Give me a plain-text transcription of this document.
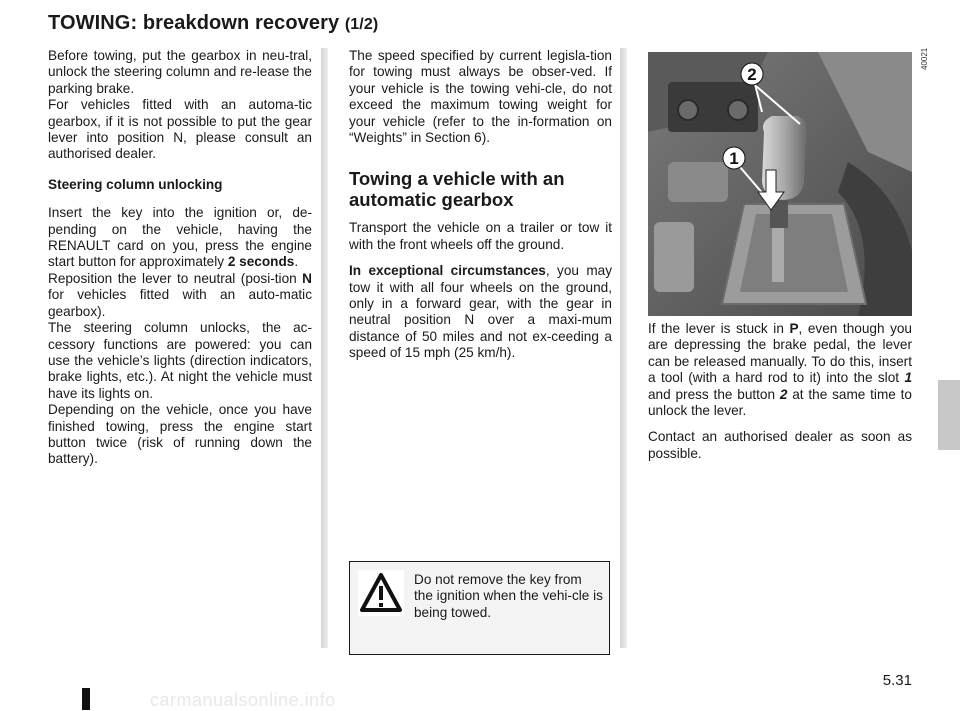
TOWING: breakdown recovery (1/2)

Before towing, put the gearbox in neu-tral, unlock the steering column and re-lease the parking brake.

For vehicles fitted with an automa-tic gearbox, if it is not possible to put the gear lever into position N, please consult an authorised dealer.

Steering column unlocking

Insert the key into the ignition or, de-pending on the vehicle, having the RENAULT card on you, press the engine start button for approximately 2 seconds.

Reposition the lever to neutral (posi-tion N for vehicles fitted with an auto-matic gearbox).

The steering column unlocks, the ac-cessory functions are powered: you can use the vehicle’s lights (direction indicators, brake lights, etc.). At night the vehicle must have its lights on.

Depending on the vehicle, once you have finished towing, press the engine start button twice (risk of running down the battery).

The speed specified by current legisla-tion for towing must always be obser-ved. If your vehicle is the towing vehi-cle, do not exceed the maximum towing weight for your vehicle (refer to the in-formation on “Weights” in Section 6).

Towing a vehicle with an automatic gearbox

Transport the vehicle on a trailer or tow it with the front wheels off the ground.

In exceptional circumstances, you may tow it with all four wheels on the ground, only in a forward gear, with the gear in neutral position N over a maxi-mum distance of 50 miles and not ex-ceeding a speed of 15 mph (25 km/h).

Do not remove the key from the ignition when the vehi-cle is being towed.
2
1
40021

If the lever is stuck in P, even though you are depressing the brake pedal, the lever can be released manually. To do this, insert a tool (with a hard rod to it) into the slot 1 and press the button 2 at the same time to unlock the lever.

Contact an authorised dealer as soon as possible.

5.31
carmanualsonline.info
